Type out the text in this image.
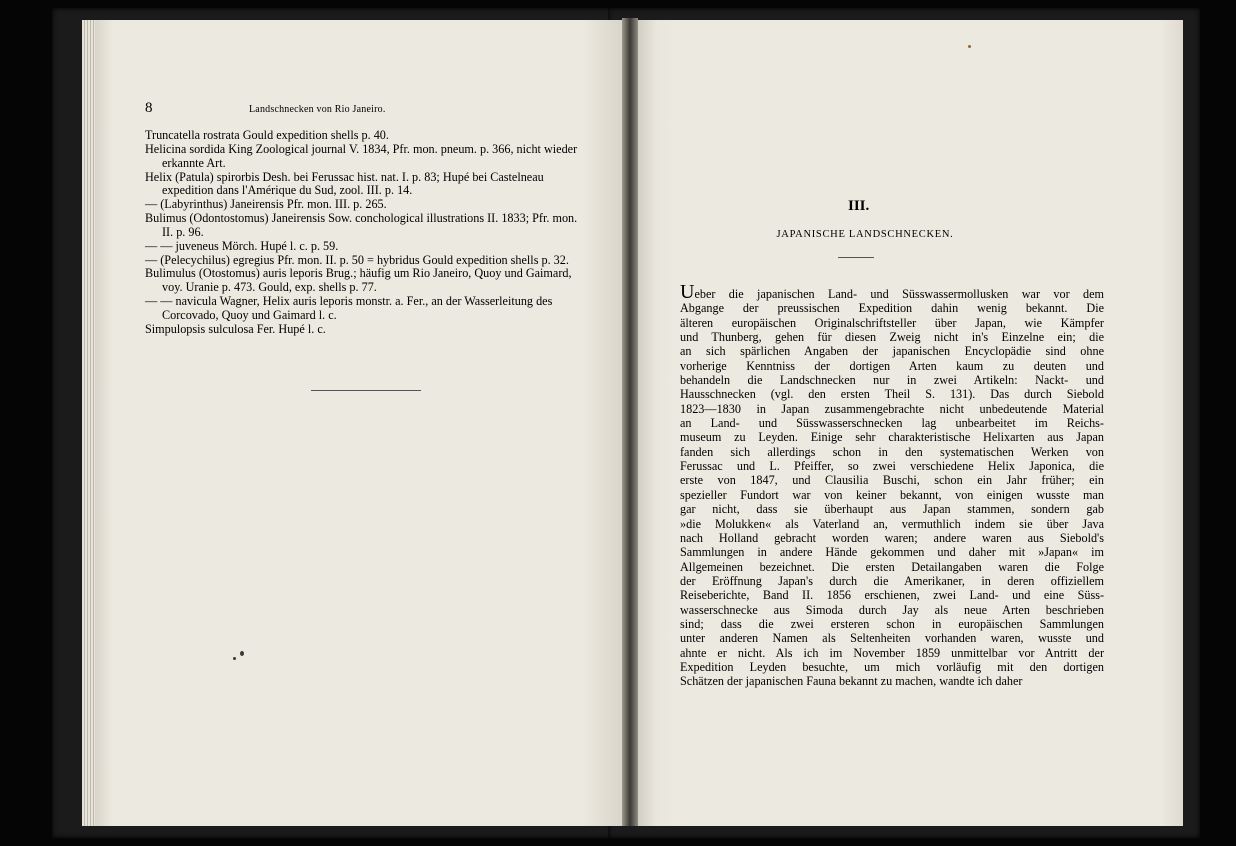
8	Landschnecken von Rio Janeiro.
Truncatella rostrata Gould expedition shells p. 40.
Helicina sordida King Zoological journal V. 1834, Pfr. mon. pneum. p. 366, nicht wieder erkannte Art.
Helix (Patula) spirorbis Desh. bei Ferussac hist. nat. I. p. 83; Hupé bei Castelneau expedition dans l'Amérique du Sud, zool. III. p. 14.
— (Labyrinthus) Janeirensis Pfr. mon. III. p. 265.
Bulimus (Odontostomus) Janeirensis Sow. conchological illustrations II. 1833; Pfr. mon. II. p. 96.
— — juveneus Mörch. Hupé l. c. p. 59.
— (Pelecychilus) egregius Pfr. mon. II. p. 50 = hybridus Gould expedition shells p. 32.
Bulimulus (Otostomus) auris leporis Brug.; häufig um Rio Janeiro, Quoy und Gaimard, voy. Uranie p. 473. Gould, exp. shells p. 77.
— — navicula Wagner, Helix auris leporis monstr. a. Fer., an der Wasserleitung des Corcovado, Quoy und Gaimard l. c.
Simpulopsis sulculosa Fer. Hupé l. c.
III.
JAPANISCHE LANDSCHNECKEN.

Ueber die japanischen Land- und Süsswassermollusken war vor dem
Abgange der preussischen Expedition dahin wenig bekannt. Die
älteren europäischen Originalschriftsteller über Japan, wie Kämpfer
und Thunberg, gehen für diesen Zweig nicht in's Einzelne ein; die
an sich spärlichen Angaben der japanischen Encyclopädie sind ohne
vorherige Kenntniss der dortigen Arten kaum zu deuten und
behandeln die Landschnecken nur in zwei Artikeln: Nackt- und
Hausschnecken (vgl. den ersten Theil S. 131). Das durch Siebold
1823—1830 in Japan zusammengebrachte nicht unbedeutende Material
an Land- und Süsswasserschnecken lag unbearbeitet im Reichs-
museum zu Leyden. Einige sehr charakteristische Helixarten aus Japan
fanden sich allerdings schon in den systematischen Werken von
Ferussac und L. Pfeiffer, so zwei verschiedene Helix Japonica, die
erste von 1847, und Clausilia Buschi, schon ein Jahr früher; ein
spezieller Fundort war von keiner bekannt, von einigen wusste man
gar nicht, dass sie überhaupt aus Japan stammen, sondern gab
»die Molukken« als Vaterland an, vermuthlich indem sie über Java
nach Holland gebracht worden waren; andere waren aus Siebold's
Sammlungen in andere Hände gekommen und daher mit »Japan« im
Allgemeinen bezeichnet. Die ersten Detailangaben waren die Folge
der Eröffnung Japan's durch die Amerikaner, in deren offiziellem
Reiseberichte, Band II. 1856 erschienen, zwei Land- und eine Süss-
wasserschnecke aus Simoda durch Jay als neue Arten beschrieben
sind; dass die zwei ersteren schon in europäischen Sammlungen
unter anderen Namen als Seltenheiten vorhanden waren, wusste und
ahnte er nicht. Als ich im November 1859 unmittelbar vor Antritt der
Expedition Leyden besuchte, um mich vorläufig mit den dortigen
Schätzen der japanischen Fauna bekannt zu machen, wandte ich daher
